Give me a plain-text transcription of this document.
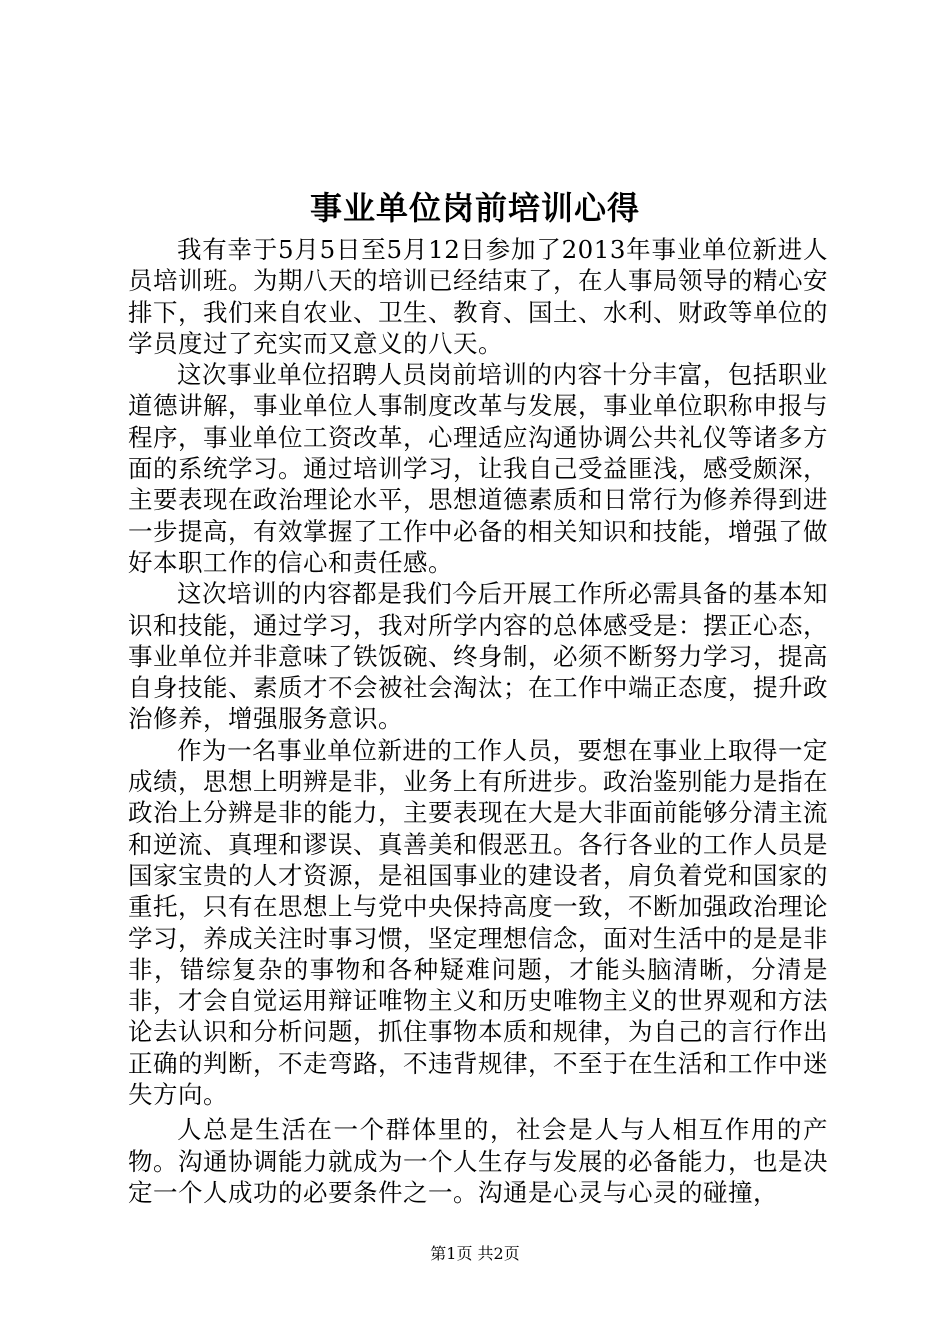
事业单位岗前培训心得

我有幸于5月5日至5月12日参加了2013年事业单位新进人员培训班。为期八天的培训已经结束了，在人事局领导的精心安排下，我们来自农业、卫生、教育、国土、水利、财政等单位的学员度过了充实而又意义的八天。

这次事业单位招聘人员岗前培训的内容十分丰富，包括职业道德讲解，事业单位人事制度改革与发展，事业单位职称申报与程序，事业单位工资改革，心理适应沟通协调公共礼仪等诸多方面的系统学习。通过培训学习，让我自己受益匪浅，感受颇深，主要表现在政治理论水平，思想道德素质和日常行为修养得到进一步提高，有效掌握了工作中必备的相关知识和技能，增强了做好本职工作的信心和责任感。

这次培训的内容都是我们今后开展工作所必需具备的基本知识和技能，通过学习，我对所学内容的总体感受是：摆正心态，事业单位并非意味了铁饭碗、终身制，必须不断努力学习，提高自身技能、素质才不会被社会淘汰；在工作中端正态度，提升政治修养，增强服务意识。

作为一名事业单位新进的工作人员，要想在事业上取得一定成绩，思想上明辨是非，业务上有所进步。政治鉴别能力是指在政治上分辨是非的能力，主要表现在大是大非面前能够分清主流和逆流、真理和谬误、真善美和假恶丑。各行各业的工作人员是国家宝贵的人才资源，是祖国事业的建设者，肩负着党和国家的重托，只有在思想上与党中央保持高度一致，不断加强政治理论学习，养成关注时事习惯，坚定理想信念，面对生活中的是是非非，错综复杂的事物和各种疑难问题，才能头脑清晰，分清是非，才会自觉运用辩证唯物主义和历史唯物主义的世界观和方法论去认识和分析问题，抓住事物本质和规律，为自己的言行作出正确的判断，不走弯路，不违背规律，不至于在生活和工作中迷失方向。

人总是生活在一个群体里的，社会是人与人相互作用的产物。沟通协调能力就成为一个人生存与发展的必备能力，也是决定一个人成功的必要条件之一。沟通是心灵与心灵的碰撞，

第1页 共2页
